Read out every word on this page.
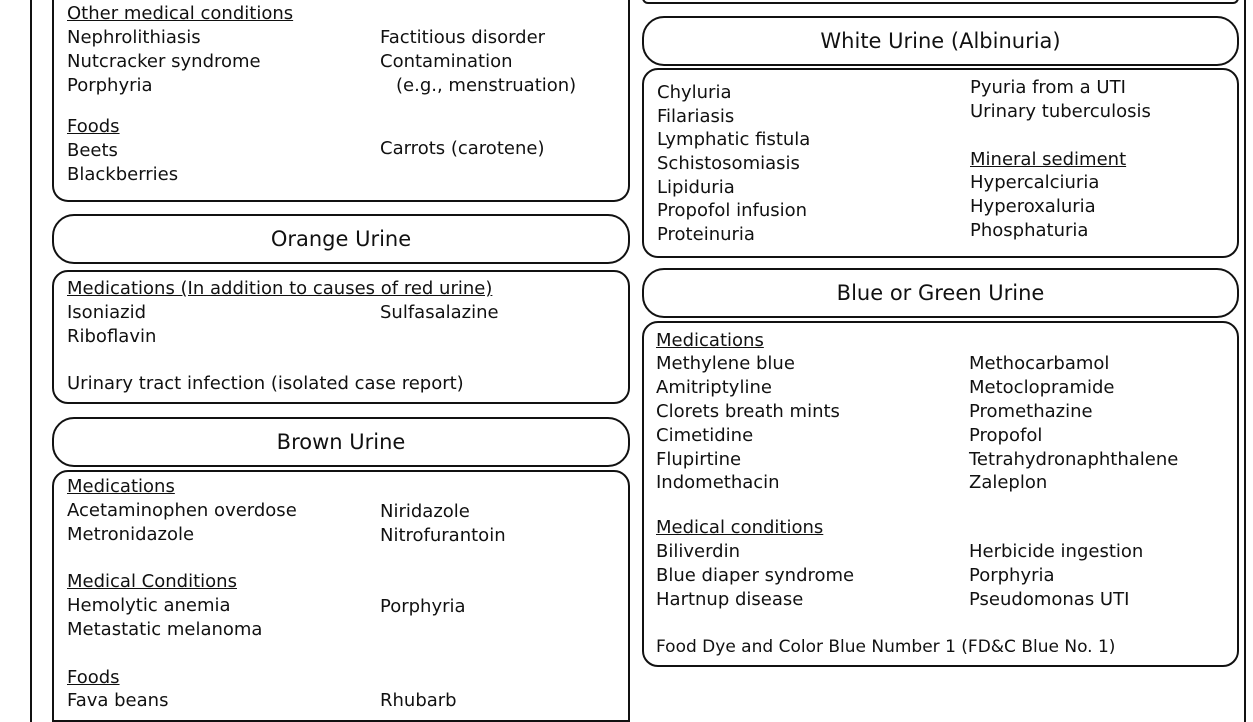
Other medical conditions
Nephrolithiasis
Nutcracker syndrome
Porphyria
Factitious disorder
Contamination
(e.g., menstruation)
Foods
Beets
Blackberries
Carrots (carotene)
Orange Urine
Medications (In addition to causes of red urine)
Isoniazid
Riboflavin
Sulfasalazine
Urinary tract infection (isolated case report)
Brown Urine
Medications
Acetaminophen overdose
Metronidazole
Niridazole
Nitrofurantoin
Medical Conditions
Hemolytic anemia
Metastatic melanoma
Porphyria
Foods
Fava beans	Rhubarb
White Urine (Albinuria)
Chyluria
Filariasis
Lymphatic fistula
Schistosomiasis
Lipiduria
Propofol infusion
Proteinuria
Pyuria from a UTI
Urinary tuberculosis
Mineral sediment
Hypercalciuria
Hyperoxaluria
Phosphaturia
Blue or Green Urine
Medications
Methylene blue
Amitriptyline
Clorets breath mints
Cimetidine
Flupirtine
Indomethacin
Methocarbamol
Metoclopramide
Promethazine
Propofol
Tetrahydronaphthalene
Zaleplon
Medical conditions
Biliverdin
Blue diaper syndrome
Hartnup disease
Herbicide ingestion
Porphyria
Pseudomonas UTI
Food Dye and Color Blue Number 1 (FD&C Blue No. 1)
